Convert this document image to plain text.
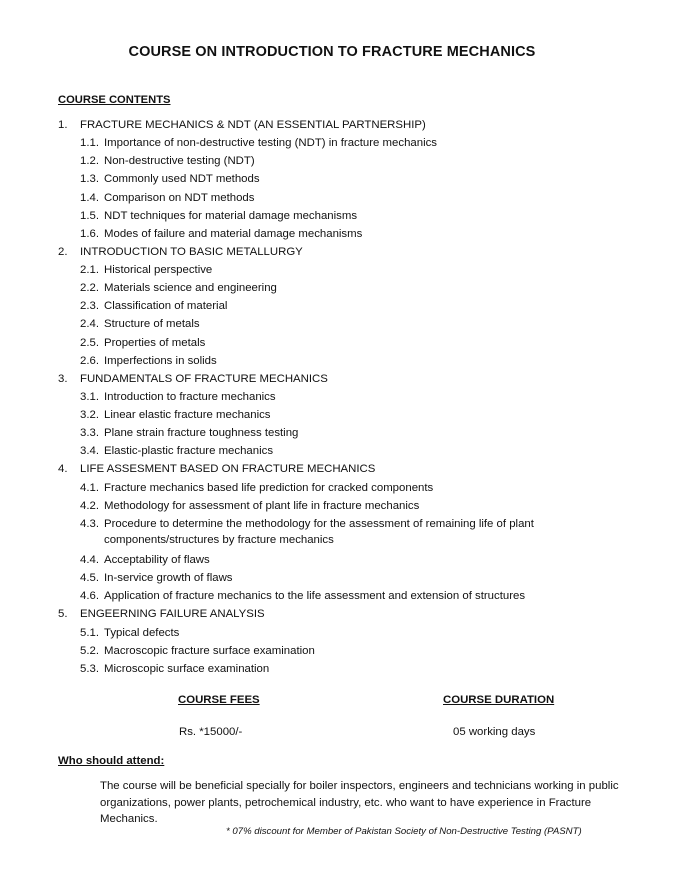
COURSE ON INTRODUCTION TO FRACTURE MECHANICS
COURSE CONTENTS
1. FRACTURE MECHANICS & NDT (AN ESSENTIAL PARTNERSHIP)
1.1. Importance of non-destructive testing (NDT) in fracture mechanics
1.2. Non-destructive testing (NDT)
1.3. Commonly used NDT methods
1.4. Comparison on NDT methods
1.5. NDT techniques for material damage mechanisms
1.6. Modes of failure and material damage mechanisms
2. INTRODUCTION TO BASIC METALLURGY
2.1. Historical perspective
2.2. Materials science and engineering
2.3. Classification of material
2.4. Structure of metals
2.5. Properties of metals
2.6. Imperfections in solids
3. FUNDAMENTALS OF FRACTURE MECHANICS
3.1. Introduction to fracture mechanics
3.2. Linear elastic fracture mechanics
3.3. Plane strain fracture toughness testing
3.4. Elastic-plastic fracture mechanics
4. LIFE ASSESMENT BASED ON FRACTURE MECHANICS
4.1. Fracture mechanics based life prediction for cracked components
4.2. Methodology for assessment of plant life in fracture mechanics
4.3. Procedure to determine the methodology for the assessment of remaining life of plant components/structures by fracture mechanics
4.4. Acceptability of flaws
4.5. In-service growth of flaws
4.6. Application of fracture mechanics to the life assessment and extension of structures
5. ENGEERNING FAILURE ANALYSIS
5.1. Typical defects
5.2. Macroscopic fracture surface examination
5.3. Microscopic surface examination
COURSE FEES	COURSE DURATION
Rs. *15000/-	05 working days
Who should attend:
The course will be beneficial specially for boiler inspectors, engineers and technicians working in public organizations, power plants, petrochemical industry, etc. who want to have experience in Fracture Mechanics.
* 07% discount for Member of Pakistan Society of Non-Destructive Testing (PASNT)
